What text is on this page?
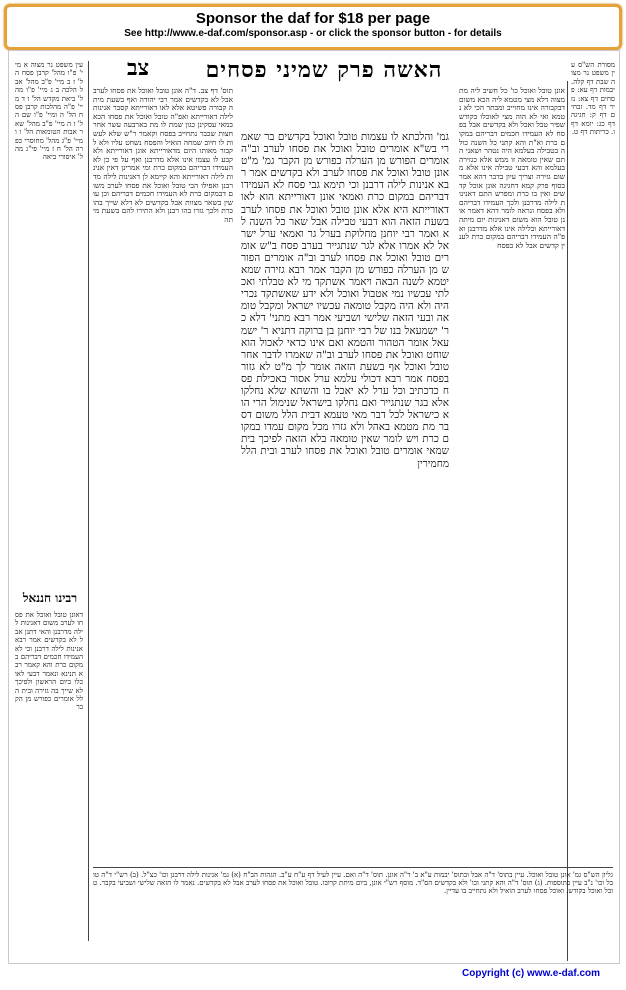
Sponsor the daf for $18 per page
See http://www.e-daf.com/sponsor.asp - or click the sponsor button - for details
צב	האשה פרק שמיני פסחים	מסורת הש"ס עין משפט נר מצוה שבת דף קלה. יבמות דף עא: פסחים דף צא: נזיר דף מד. זבחים דף ק: חגיגה דף כג: יומא דף ו. כריתות דף ט.
אונן טובל ואוכל כו' כל חשיב ליה מת מצוה דלא מצי מטמא ליה הכא משום דבקבורה אינו מחוייב ומבתר הכי לא נטמא ואי לא הוה מצי לאוכלו בקודש שפיר טבל ואכל ולא בקדשים אבל בפסח לא העמידו חכמים דבריהם במקום כרת וא"ת והא קתני כל השנה כולה בטבילה בעלמא היה נטהר ושאני התם שאין טומאה זו ממש אלא כגזירה בעלמא והא דבעי טבילה אינו אלא משום גזירה וצריך עיון בדבר דהא אמר בסוף פרק קמא דחגיגה אונן אוכל קדשים ואין בו כרת ומפרש התם דאנינות לילה מדרבנן ולכך העמידו דבריהם ולא בפסח ונראה לומר דהא דאמר אונן טובל הוא משום דאנינות יום מיתה דאורייתא ובלילה אינו אלא מדרבנן ואפ"ה העמידו דבריהם במקום כרת לענין קדשים אבל לא בפסח
גמ' והלכתא לו עצמות טובל ואוכל בקדשים בר שאמרי בש"א אומרים טובל ואוכל את פסחו לערב וב"ה אומרים הפורש מן הערלה כפורש מן הקבר גמ' מ"ט אונן טובל ואוכל את פסחו לערב ולא בקדשים אמר רבא אנינות לילה דרבנן וכי תימא גבי פסח לא העמידו דבריהם במקום כרת ואמאי אונן דאורייתא הוא לאו דאורייתא היא אלא אונן טובל ואוכל את פסחו לערב בשעת הזאה הוא דבעי טבילה אבל שאר כל השנה לא ואמר רבי יוחנן מחלוקת בערל גר ואמאי ערל ישראל לא אמרו אלא לגר שנתגייר בערב פסח ב"ש אומרים טובל ואוכל את פסחו לערב וב"ה אומרים הפורש מן הערלה כפורש מן הקבר אמר רבא גזירה שמא יטמא לשנה הבאה ויאמר אשתקד מי לא טבלתי ואכלתי עכשיו נמי אטבול ואוכל ולא ידע שאשתקד נכרי היה ולא היה מקבל טומאה עכשיו ישראל ומקבל טומאה ובעי הזאה שלישי ושביעי אמר רבא מתני' דלא כר' ישמעאל בנו של רבי יוחנן בן ברוקה דתניא ר' ישמעאל אומר הטהור והטמא ואם אינו כדאי לאכול הוא שוחט ואוכל את פסחו לערב וב"ה שאמרו לדבר אחר טובל ואוכל אף בשעת הזאה אומר לך מ"ט לא גזור בפסח אמר רבא דכולי עלמא ערל אסור באכילת פסח כדכתיב וכל ערל לא יאכל בו והשתא שלא נחלקו אלא בגר שנתגייר ואם נחלקו בישראל שנימול הרי הוא כישראל לכל דבר מאי טעמא דבית הלל משום דסבר מת מטמא באהל ולא גזרו מכל מקום עמדו במקום כרת ויש לומר שאין טומאה בלא הזאה לפיכך בית שמאי אומרים טובל ואוכל את פסחו לערב ובית הלל מחמירין
תוס' דף צב. ד"ה אונן טובל ואוכל את פסחו לערב אבל לא בקדשים אמר רבי יהודה ואף בשעת מיתה קבורה פשיטא אלא לאו דאורייתא קסבר אנינות לילה דאורייתא ואפ"ה טובל ואוכל את פסחו הכא במאי עסקינן כגון שמת לו מת בארבעה עשר אחר חצות שכבר נתחייב בפסח וקאמר ר"ש שלא לעשות לו חיוב שמחה הואיל והפסח נשחט עליו ולא לקבור מאותו היום מדאורייתא אונן דאורייתא ולא קבע לו עצמו אינו אלא מדרבנן ואף על פי כן לא העמידו דבריהם במקום כרת ומי אמרינן דאין אנינות לילה דאורייתא והא קיימא לן דאנינות לילה מדרבנן ואפילו הכי טובל ואוכל את פסחו לערב משום דבמקום כרת לא העמידו חכמים דבריהם וכן עושין בשאר מצוות אבל בקדשים לא דלא שייך בהו כרת ולכך גזרו בהו רבנן ולא התירו להם בשעת מיתה
עין משפט נר מצוה א מיי' פ"ו מהל' קרבן פסח הל' ז ב מיי' פ"ב מהל' אבל הלכה ב ג מיי' פ"ו מהל' ביאת מקדש הל' ז ד מיי' פ"ה מהלכות קרבן פסח הל' ה ומיי' פ"ו שם הל' ז ה מיי' פ"ב מהל' שאר אבות הטומאות הל' ו ו מיי' פ"ג מהל' מחוסרי כפרה הל' ח ז מיי' פי"ג מהל' איסורי ביאה
רבינו חננאל
דאונן טובל ואוכל את פסחו לערב משום דאנינות לילה מדרבנן והאי דתנן אבל לא בקדשים אמר רבא אנינות לילה דרבנן וכי לא העמידו חכמים דבריהם במקום כרת והא קאמר רבא תנינא ונאמר דבעי לאוכלו ביום הראשון ולפיכך לא שייך בה גזירה ובית הלל אומרים כפורש מן הקבר
גליון הש"ס גמ' אונן טובל ואוכל. עיין בתוס' ד"ה אבל ובתוס' יבמות ע"א ב' ד"ה אונן. תוס' ד"ה ואם. עיין לעיל דף ע"ח ע"ב. הגהות הב"ח (א) גמ' אנינות לילה דרבנן וכו' כצ"ל. (ב) רש"י ד"ה טובל וכו' נ"ב עיין בתוספות. (ג) תוס' ד"ה והא קתני וכו' ולא בקדשים הס"ד. מוסף רש"י אונן, ביום מיתת קרובו. טובל ואוכל את פסחו לערב אבל לא בקדשים. נאמר לו הזאה שלישי ושביעי בקבר. טובל ואוכל בקודש. ואוכל פסחו לערב הואיל ולא נתחייב בו עדיין.
Copyright (c) www.e-daf.com
